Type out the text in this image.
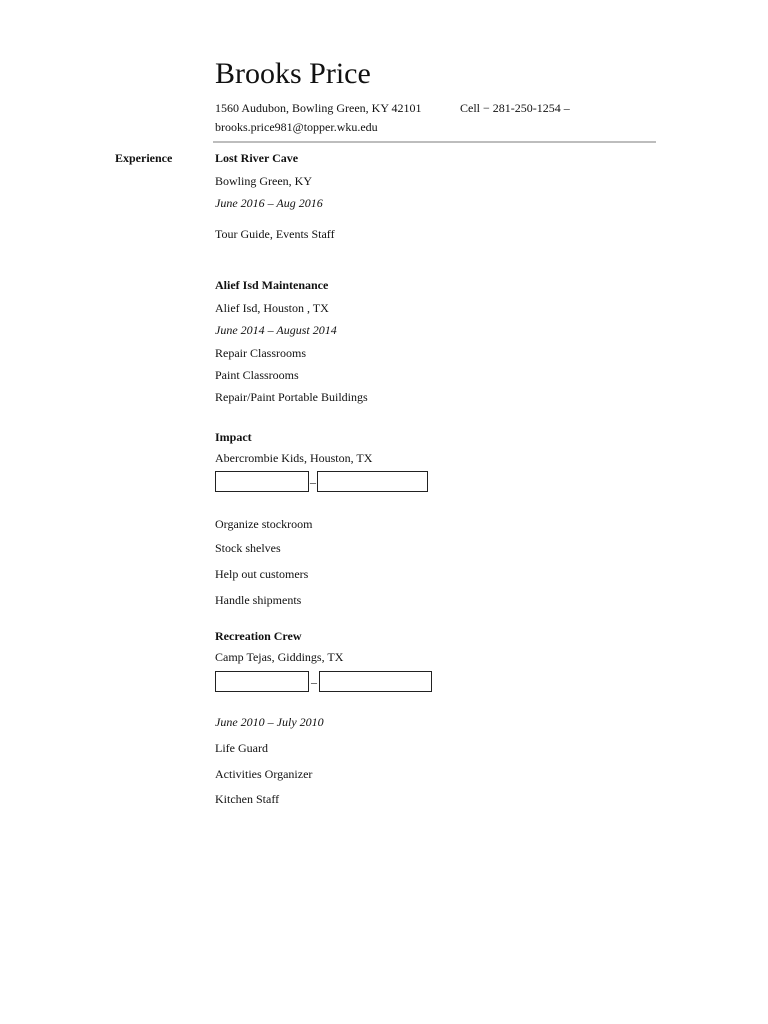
Brooks Price
1560 Audubon, Bowling Green, KY 42101	Cell − 281-250-1254 –
brooks.price981@topper.wku.edu
Experience	Lost River Cave
Bowling Green, KY
June 2016 – Aug 2016
Tour Guide, Events Staff
Alief Isd Maintenance
Alief Isd, Houston , TX
June 2014 – August 2014
Repair Classrooms
Paint Classrooms
Repair/Paint Portable Buildings
Impact
Abercrombie Kids, Houston, TX
–
Organize stockroom
Stock shelves
Help out customers
Handle shipments
Recreation Crew
Camp Tejas, Giddings, TX
–
June 2010 – July 2010
Life Guard
Activities Organizer
Kitchen Staff
